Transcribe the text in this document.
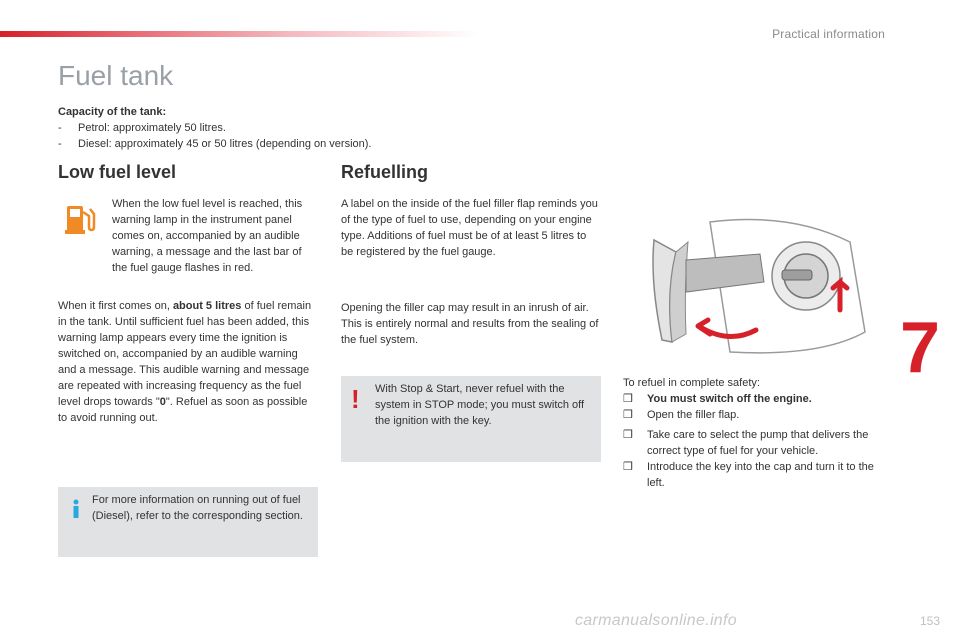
Practical information
Fuel tank
Capacity of the tank:
- Petrol: approximately 50 litres.
- Diesel: approximately 45 or 50 litres (depending on version).
Low fuel level	Refuelling
When the low fuel level is reached, this warning lamp in the instrument panel comes on, accompanied by an audible warning, a message and the last bar of the fuel gauge flashes in red.
When it first comes on, about 5 litres of fuel remain in the tank. Until sufficient fuel has been added, this warning lamp appears every time the ignition is switched on, accompanied by an audible warning and a message. This audible warning and message are repeated with increasing frequency as the fuel level drops towards "0". Refuel as soon as possible to avoid running out.
For more information on running out of fuel (Diesel), refer to the corresponding section.
A label on the inside of the fuel filler flap reminds you of the type of fuel to use, depending on your engine type. Additions of fuel must be of at least 5 litres to be registered by the fuel gauge.
Opening the filler cap may result in an inrush of air. This is entirely normal and results from the sealing of the fuel system.
! With Stop & Start, never refuel with the system in STOP mode; you must switch off the ignition with the key.
7
To refuel in complete safety:
❒ You must switch off the engine.
❒ Open the filler flap.
❒ Take care to select the pump that delivers the correct type of fuel for your vehicle.
❒ Introduce the key into the cap and turn it to the left.
carmanualsonline.info	153
